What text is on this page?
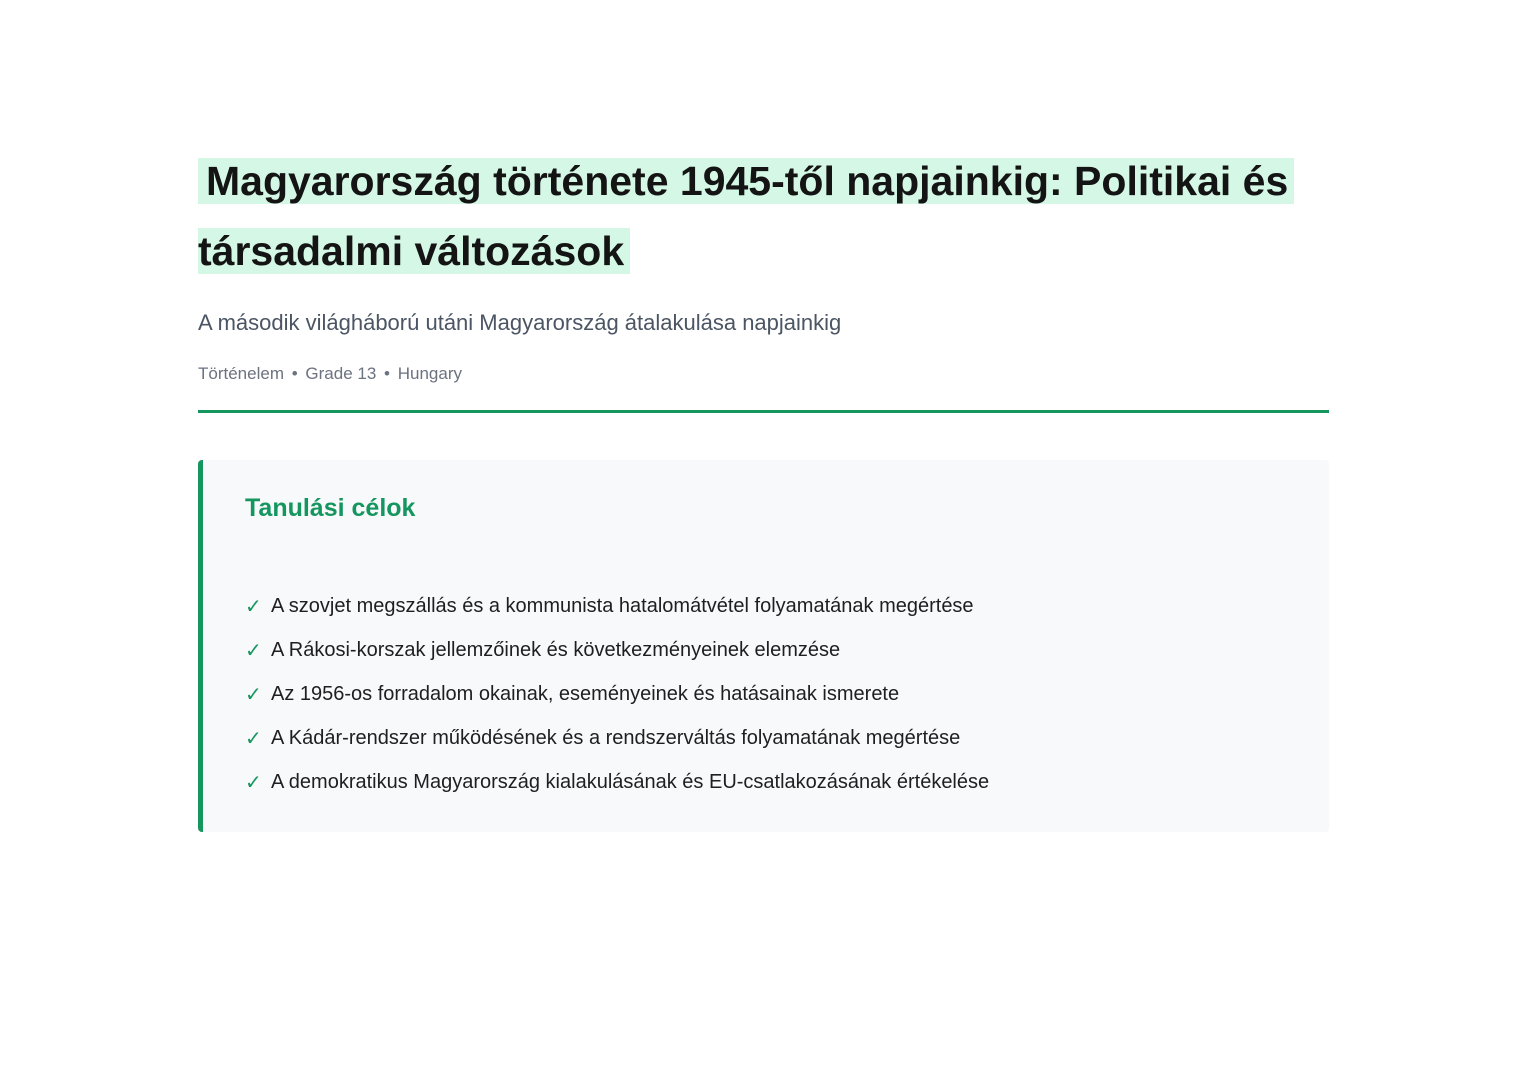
Magyarország története 1945-től napjainkig: Politikai és
társadalmi változások

A második világháború utáni Magyarország átalakulása napjainkig

Történelem • Grade 13 • Hungary

Tanulási célok
✓ A szovjet megszállás és a kommunista hatalomátvétel folyamatának megértése
✓ A Rákosi-korszak jellemzőinek és következményeinek elemzése
✓ Az 1956-os forradalom okainak, eseményeinek és hatásainak ismerete
✓ A Kádár-rendszer működésének és a rendszerváltás folyamatának megértése
✓ A demokratikus Magyarország kialakulásának és EU-csatlakozásának értékelése
